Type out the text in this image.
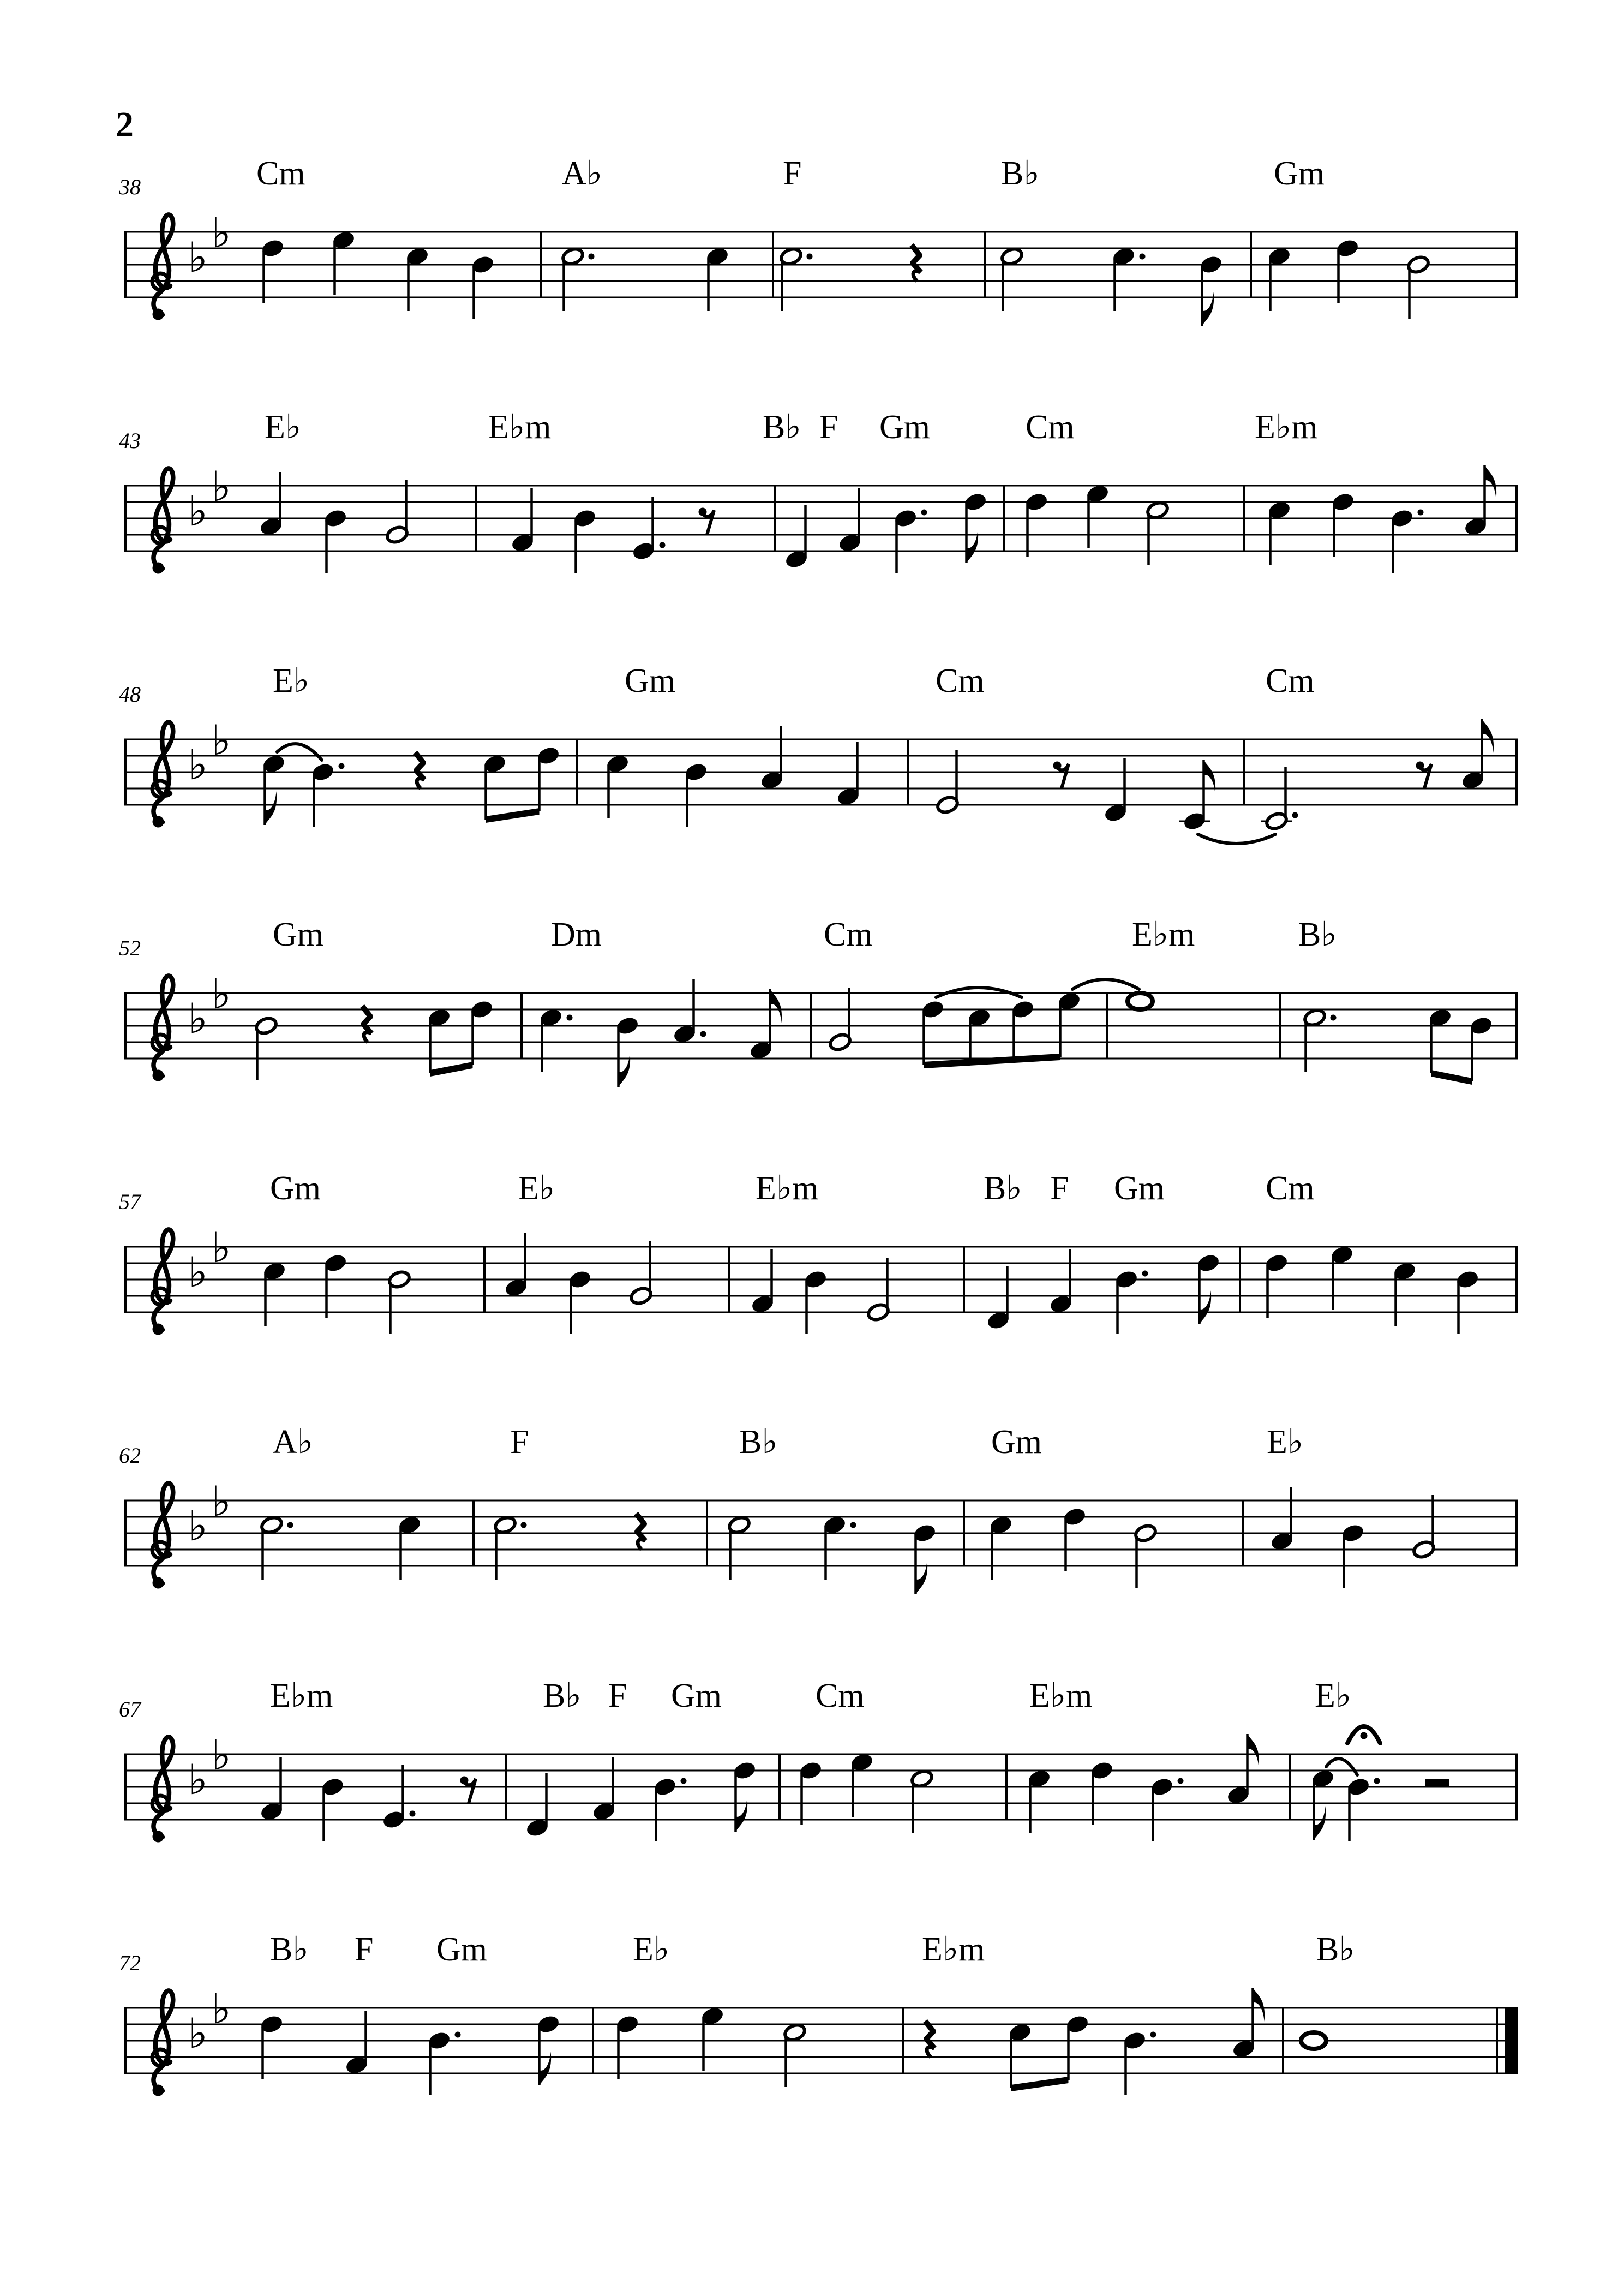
2
♭
♭
♭
♭
♭
♭
♭
♭
♭
♭
♭
♭
♭
♭
♭
♭
38	Cm	A♭	F	B♭	Gm
43	E♭	E♭m	B♭ F Gm	Cm	E♭m
48	E♭	Gm	Cm	Cm
52	Gm	Dm	Cm	E♭m	B♭
57	Gm	E♭	E♭m	B♭ F Gm	Cm
62	A♭	F	B♭	Gm	E♭
67	E♭m	B♭ F Gm	Cm	E♭m	E♭
72	B♭ F Gm	E♭	E♭m	B♭
